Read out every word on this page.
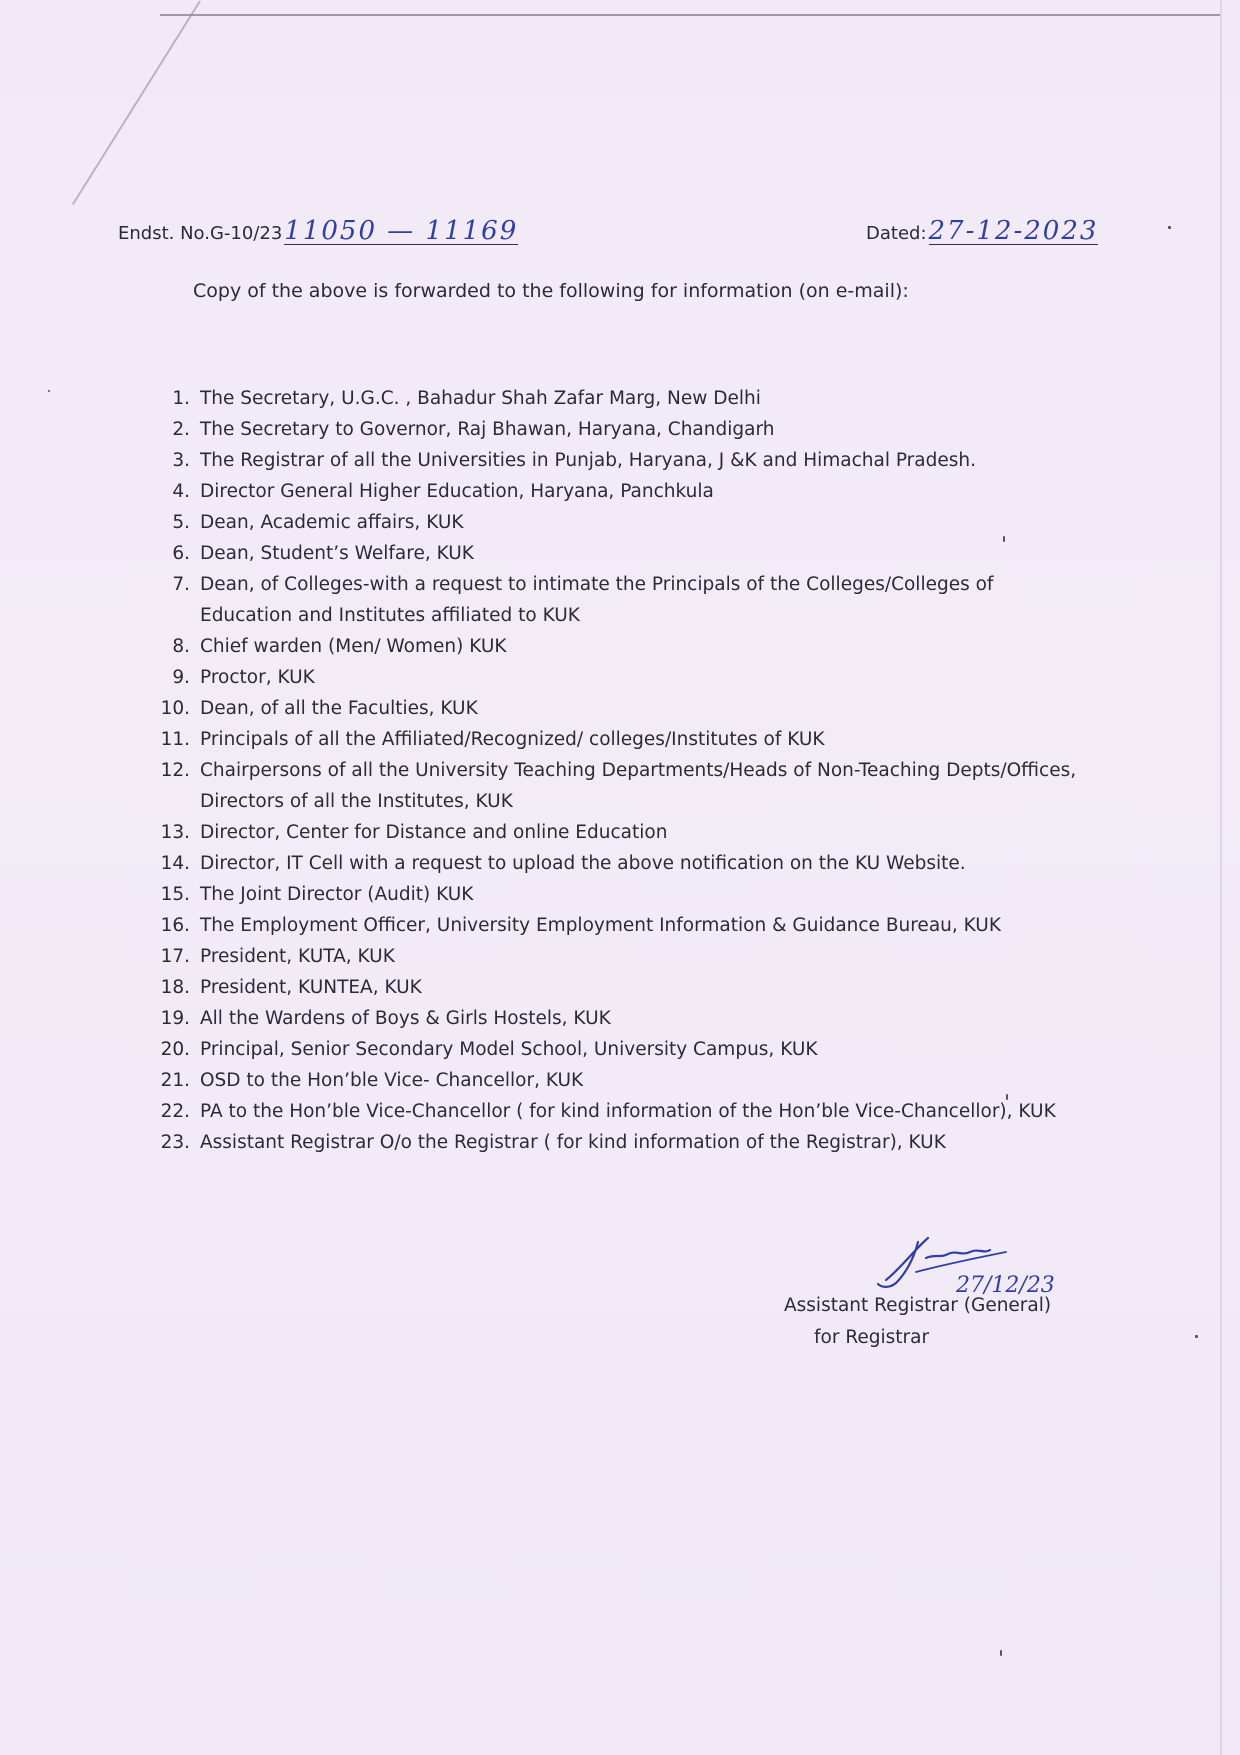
Endst. No.G-10/2311050 — 11169	Dated:27-12-2023
Copy of the above is forwarded to the following for information (on e-mail):
1. The Secretary, U.G.C. , Bahadur Shah Zafar Marg, New Delhi
2. The Secretary to Governor, Raj Bhawan, Haryana, Chandigarh
3. The Registrar of all the Universities in Punjab, Haryana, J &K and Himachal Pradesh.
4. Director General Higher Education, Haryana, Panchkula
5. Dean, Academic affairs, KUK
6. Dean, Student’s Welfare, KUK
7. Dean, of Colleges-with a request to intimate the Principals of the Colleges/Colleges of Education and Institutes affiliated to KUK
8. Chief warden (Men/ Women) KUK
9. Proctor, KUK
10. Dean, of all the Faculties, KUK
11. Principals of all the Affiliated/Recognized/ colleges/Institutes of KUK
12. Chairpersons of all the University Teaching Departments/Heads of Non-Teaching Depts/Offices, Directors of all the Institutes, KUK
13. Director, Center for Distance and online Education
14. Director, IT Cell with a request to upload the above notification on the KU Website.
15. The Joint Director (Audit) KUK
16. The Employment Officer, University Employment Information & Guidance Bureau, KUK
17. President, KUTA, KUK
18. President, KUNTEA, KUK
19. All the Wardens of Boys & Girls Hostels, KUK
20. Principal, Senior Secondary Model School, University Campus, KUK
21. OSD to the Hon’ble Vice- Chancellor, KUK
22. PA to the Hon’ble Vice-Chancellor ( for kind information of the Hon’ble Vice-Chancellor), KUK
23. Assistant Registrar O/o the Registrar ( for kind information of the Registrar), KUK
27/12/23
Assistant Registrar (General)
for Registrar
